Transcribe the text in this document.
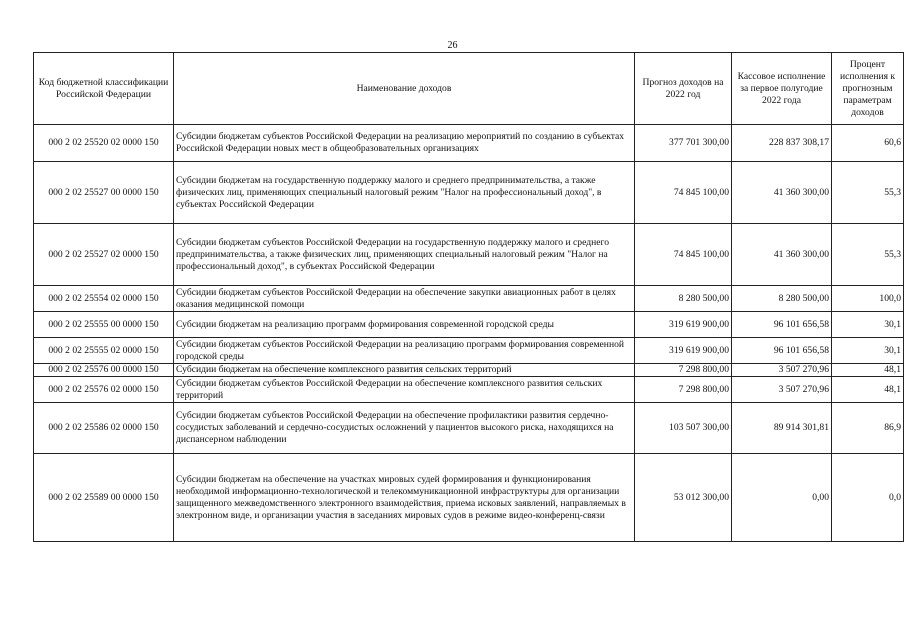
26
Код бюджетной классификации Российской Федерации	Наименование доходов	Прогноз доходов на 2022 год	Кассовое исполнение за первое полугодие 2022 года	Процент исполнения к прогнозным параметрам доходов
000 2 02 25520 02 0000 150	Субсидии бюджетам субъектов Российской Федерации на реализацию мероприятий по созданию в субъектах Российской Федерации новых мест в общеобразовательных организациях	377 701 300,00	228 837 308,17	60,6
000 2 02 25527 00 0000 150	Субсидии бюджетам на государственную поддержку малого и среднего предпринимательства, а также физических лиц, применяющих специальный налоговый режим "Налог на профессиональный доход", в субъектах Российской Федерации	74 845 100,00	41 360 300,00	55,3
000 2 02 25527 02 0000 150	Субсидии бюджетам субъектов Российской Федерации на государственную поддержку малого и среднего предпринимательства, а также физических лиц, применяющих специальный налоговый режим "Налог на профессиональный доход", в субъектах Российской Федерации	74 845 100,00	41 360 300,00	55,3
000 2 02 25554 02 0000 150	Субсидии бюджетам субъектов Российской Федерации на обеспечение закупки авиационных работ в целях оказания медицинской помощи	8 280 500,00	8 280 500,00	100,0
000 2 02 25555 00 0000 150	Субсидии бюджетам на реализацию программ формирования современной городской среды	319 619 900,00	96 101 656,58	30,1
000 2 02 25555 02 0000 150	Субсидии бюджетам субъектов Российской Федерации на реализацию программ формирования современной городской среды	319 619 900,00	96 101 656,58	30,1
000 2 02 25576 00 0000 150	Субсидии бюджетам на обеспечение комплексного развития сельских территорий	7 298 800,00	3 507 270,96	48,1
000 2 02 25576 02 0000 150	Субсидии бюджетам субъектов Российской Федерации на обеспечение комплексного развития сельских территорий	7 298 800,00	3 507 270,96	48,1
000 2 02 25586 02 0000 150	Субсидии бюджетам субъектов Российской Федерации на обеспечение профилактики развития сердечно-сосудистых заболеваний и сердечно-сосудистых осложнений у пациентов высокого риска, находящихся на диспансерном наблюдении	103 507 300,00	89 914 301,81	86,9
000 2 02 25589 00 0000 150	Субсидии бюджетам на обеспечение на участках мировых судей формирования и функционирования необходимой информационно-технологической и телекоммуникационной инфраструктуры для организации защищенного межведомственного электронного взаимодействия, приема исковых заявлений, направляемых в электронном виде, и организации участия в заседаниях мировых судов в режиме видео-конференц-связи	53 012 300,00	0,00	0,0
